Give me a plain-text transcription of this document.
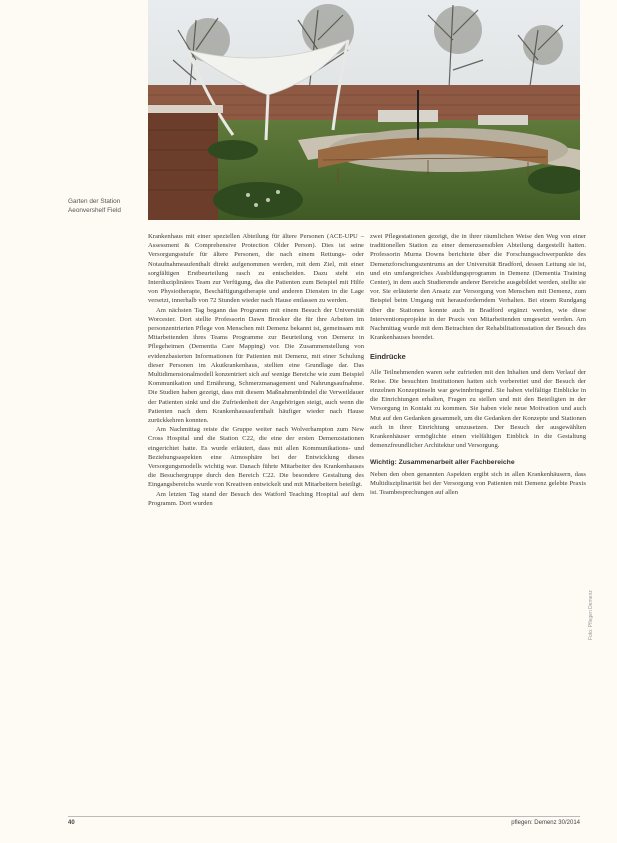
Garten der Station
Aeonvershelf Field

Krankenhaus mit einer speziellen Abteilung für ältere Personen (ACE-UPU – Assessment & Comprehensive Protection Older Person). Dies ist seine Versorgungsstufe für ältere Personen, die nach einem Rettungs- oder Notaufnahmeaufenthalt direkt aufgenommen werden, mit dem Ziel, mit einer sorgfältigen Erstbeurteilung rasch zu entscheiden. Dazu steht ein Interdisziplinäres Team zur Verfügung, das die Patienten zum Beispiel mit Hilfe von Physiotherapie, Beschäftigungstherapie und anderen Diensten in die Lage versetzt, innerhalb von 72 Stunden wieder nach Hause entlassen zu werden.

Am nächsten Tag begann das Programm mit einem Besuch der Universität Worcester. Dort stellte Professorin Dawn Brooker die für ihre Arbeiten im personzentrierten Pflege von Menschen mit Demenz bekannt ist, gemeinsam mit Mitarbeitenden ihres Teams Programme zur Beurteilung von Demenz in Pflegeheimen (Dementia Care Mapping) vor. Die Zusammenstellung von evidenzbasierten Informationen für Patienten mit Demenz, mit einer Schulung dieser Personen im Akutkrankenhaus, stellten eine Grundlage dar. Das Multidimensionalmodell konzentriert sich auf wenige Bereiche wie zum Beispiel Kommunikation und Ernährung, Schmerzmanagement und Nahrungsaufnahme. Die Studien haben gezeigt, dass mit diesem Maßnahmenbündel die Verweildauer der Patienten sinkt und die Zufriedenheit der Angehörigen steigt, auch wenn die Patienten nach dem Krankenhausaufenthalt häufiger wieder nach Hause zurückkehren konnten.

Am Nachmittag reiste die Gruppe weiter nach Wolverhampton zum New Cross Hospital und die Station C22, die eine der ersten Demenzstationen eingerichtet hatte. Es wurde erläutert, dass mit allen Kommunikations- und Beziehungsaspekten eine Atmosphäre bei der Entwicklung dieses Versorgungsmodells wichtig war. Danach führte Mitarbeiter des Krankenhauses die Besuchergruppe durch den Bereich C22. Die besondere Gestaltung des Eingangsbereichs wurde von Kreativen entwickelt und mit Mitarbeitern beteiligt.

Am letzten Tag stand der Besuch des Watford Teaching Hospital auf dem Programm. Dort wurden

zwei Pflegestationen gezeigt, die in ihrer räumlichen Weise den Weg von einer traditionellen Station zu einer demenzsensiblen Abteilung dargestellt hatten. Professorin Murna Downs berichtete über die Forschungsschwerpunkte des Demenzforschungszentrums an der Universität Bradford, dessen Leitung sie ist, und ein umfangreiches Ausbildungsprogramm in Demenz (Dementia Training Center), in dem auch Studierende anderer Bereiche ausgebildet werden, stellte sie vor. Sie erläuterte den Ansatz zur Versorgung von Menschen mit Demenz, zum Beispiel beim Umgang mit herausforderndem Verhalten. Bei einem Rundgang über die Stationen konnte auch in Bradford ergänzt werden, wie diese Interventionsprojekte in der Praxis von Mitarbeitenden umgesetzt werden. Am Nachmittag wurde mit dem Betrachten der Rehabilitationsstation der Besuch des Krankenhauses beendet.

Eindrücke

Alle Teilnehmenden waren sehr zufrieden mit den Inhalten und dem Verlauf der Reise. Die besuchten Institutionen hatten sich vorbereitet und der Besuch der einzelnen Konzeptinseln war gewinnbringend. Sie haben vielfältige Einblicke in die Einrichtungen erhalten, Fragen zu stellen und mit den Beteiligten in der Versorgung in Kontakt zu kommen. Sie haben viele neue Motivation und auch Mut auf den Gedanken gesammelt, um die Gedanken der Konzepte und Stationen auch in ihrer Einrichtung umzusetzen. Der Besuch der ausgewählten Krankenhäuser ermöglichte einen vielfältigen Einblick in die Gestaltung demenzfreundlicher Architektur und Versorgung.

Wichtig: Zusammenarbeit aller Fachbereiche

Neben den oben genannten Aspekten ergibt sich in allen Krankenhäusern, dass Multidisziplinarität bei der Versorgung von Patienten mit Demenz gelebte Praxis ist. Teambesprechungen auf allen

Foto: Pflegen Demenz
40	pflegen: Demenz 30/2014
